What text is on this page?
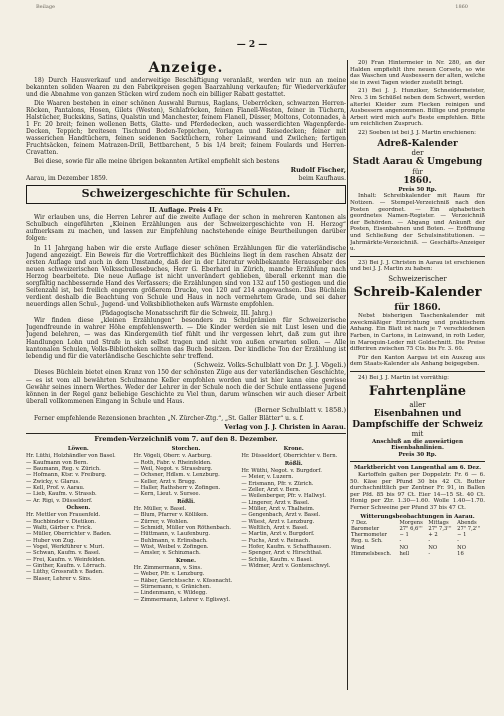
Beilage	1860
— 2 —
Anzeige.

18) Durch Hausverkauf und anderweitige Beschäftigung veranlaßt, werden wir nun an meine bekannten soliden Waaren zu den Fabrikpreisen gegen Baarzahlung verkaufen; für Wiederverkäufer und die Abnahme von ganzen Stücken wird zudem noch ein billiger Rabatt gestattet.

Die Waaren bestehen in einer schönen Auswahl Burnus, Raglans, Ueberröcken, schwarzen Herren-Röcken, Pantalons, Hosen, Gilets (Westen), Schlafröcken, feinen Flanell-Westen, feiner in Tüchern, Halstücher, Buckskins, Satins, Qualstin und Manchester, feinem Flanell, Düsser, Moltons, Cotonnades, à 1 Fr. 20 breit; feinen wollenen Betts, Glatte- und Pferdedecken, auch wasserdichten Wagenpferde-Decken, Teppich; breitesen Tischund Boden-Teppichen, Vorlagen und Reisedecken; feiner mit wasserichen Handtüchern, feinen seidenen Sacktüchern, roher Leinwand und Zwilchen; fertigen Fruchtsäcken, feinem Matrazen-Drill, Bettbarchent, 5 bis 1/4 breit; feinem Foulards und Herren-Cravatten.

Bei diese, sowie für alle meine übrigen bekannten Artikel empfiehlt sich bestens

Rudolf Fischer,
Aarau, im Dezember 1859.	beim Kaufhaus.
Schweizergeschichte für Schulen.
II. Auflage. Preis 4 Fr.

Wir erlauben uns, die Herren Lehrer auf die zweite Auflage der schon in mehreren Kantonen als Schulbuch eingeführten „Kleinen Erzählungen aus der Schweizergeschichte von H. Herzog“ aufmerksam zu machen, und lassen zur Empfehlung nachstehende einige Beurtheilungen darüber folgen:

In 11 Jahrgang haben wir die erste Auflage dieser schönen Erzählungen für die vaterländische Jugend angezeigt. Ein Beweis für die Vortrefflichkeit des Büchleins liegt in dem raschen Absatz der ersten Auflage und auch in dem Umstande, daß der in der Literatur wohlbekannte Herausgeber des neuen schweizerischen Volksschullesebuches, Herr G. Eberhard in Zürich, manche Erzählung nach Herzog bearbeitete. Die neue Auflage ist nicht unverändert geblieben, überall erkennt man die sorgfältig nachbessernde Hand des Verfassers; die Erzählungen sind von 132 auf 150 gestiegen und die Seitenzahl ist, bei freilich engerem größerem Drucke, von 120 auf 214 angewachsen. Das Büchlein verdient deshalb die Beachtung von Schule und Haus in noch vermehrtem Grade, und sei daher neuerdings allen Schul-, Jugend- und Volksbibliotheken aufs Wärmste empfohlen.

(Pädagogische Monatsschrift für die Schweiz, III. Jahrg.)

Wir finden diese „kleinen Erzählungen“ besonders zu Schulprämien für Schweizerische Jugendfreunde in wahrer Höhe empfehlenswerth. — Die Kinder werden sie mit Lust lesen und die Jugend belehren, — was das Kindergemüth tief fühlt und ihr vergessen lehrt, daß zum gut ihre Handlungen Lohn und Strafe in sich selbst tragen und nicht von außen erwarten sollen. — Alle kantonalen Schulen, Volks-Bibliotheken sollten das Buch besitzen. Der kindliche Ton der Erzählung ist lebendig und für die vaterländische Geschichte sehr treffend.

(Schweiz. Volks-Schulblatt von Dr. J. J. Vögeli.)

Dieses Büchlein bietet einen Kranz von 150 der schönsten Züge aus der vaterländischen Geschichte, — es ist vom all bewährten Schulmanne Keller empfohlen worden und ist hier kann eine gewisse Gewähr seines innern Werthes. Weder der Lehrer in der Schule noch die der Schule entlassene Jugend können in der Regel ganz beliebige Geschichte zu Viel thun, darum wünschen wir auch dieser Arbeit überall vollkommenen Eingang in Schule und Haus.

(Berner Schulblatt v. 1858.)

Ferner empfehlende Rezensionen brachten „N. Zürcher-Ztg.“, „St. Galler Blätter“ u. s. f.

Verlag von J. J. Christen in Aarau.
Fremden-Verzeichniß vom 7. auf den 8. Dezember.
Löwen.
Hr. Lüthi, Holzhändler von Basel.
— Kaufmann von Bern.
— Baumann, Reg. v. Zürich.
— Hofmann, Ktsr. v. Freiburg.
— Zwicky, v. Glarus.
— Kell, Prof. v. Aarau.
— Lieb, Kaufm. v. Strassb.
— Ar. Rigi, v. Düsseldorf.
Ochsen.
Hr. Mettler von Frauenfeld.
— Buchbinder v. Dietikon.
— Walti, Gärber v. Frick.
— Müller, Oberrichter v. Baden.
— Huber von Zug.
— Vogel, Werkführer v. Muri.
— Schwan, Kaufm. v. Basel.
— Frei, Kaufm. v. Weinfelden.
— Ginther, Kaufm. v. Lörrach.
— Lüthy, Grossrath v. Baden.
— Blaser, Lehrer v. Sins.
Storchen.
Hr. Vögeli, Oberr. v. Aarburg.
— Roth, Fabr. v. Rheinfelden.
— Weil, Negot. v. Strassburg.
— Ochsner, Hdlsm. v. Lenzburg.
— Keller, Arzt v. Brugg.
— Haller, Rathsherr v. Zofingen.
— Kern, Lieut. v. Sursee.
Rößli.
Hr. Müller, v. Basel.
— Blum, Pfarrer v. Kölliken.
— Zürrer, v. Wohlen.
— Schmidt, Müller von Röthenbach.
— Hüttmann, v. Laufenburg.
— Buhlmann, v. Erlinsbach.
— Wüst, Weibel v. Zofingen.
— Amsler, v. Schinznach.
Krone.
Hr. Zimmermann, v. Sins.
— Weber, Pfr. v. Lenzburg.
— Räber, Gerichtsschr. v. Küssnacht.
— Stirnemann, v. Gränichen.
— Lindenmann, v. Wildegg.
— Zimmermann, Lehrer v. Egliswyl.
Krone.
Hr. Düsseldorf, Oberrichter v. Bern.
Rößli.
Hr. Wüthi, Negot. v. Burgdorf.
— Meier, v. Luzern.
— Erismann, Pfr. v. Zürich.
— Zeller, Arzt v. Bern.
— Weilenberger, Pfr. v. Hallwyl.
— Lingerer, Arzt v. Basel.
— Müller, Arzt v. Thalheim.
— Gengenbach, Arzt v. Basel.
— Wüest, Arzt v. Lenzburg.
— Weltlich, Arzt v. Basel.
— Martin, Arzt v. Burgdorf.
— Fuchs, Arzt v. Reinach.
— Hofer, Kaufm. v. Schaffhausen.
— Spenger, Arzt v. Hirschthal.
— Schüle, Kaufm. v. Basel.
— Widmer, Arzt v. Gontenschwyl.

20) Fran Hintermeier in Nr. 280, an der Halden empfiehlt ihre neuen Corsets, so wie das Waschen und Ausbessern der alten, welche sie in zwei Tagen wieder zustellt bringt.

21) Bei J. J. Hunziker, Schneidermeister, Nro. 3 im Schüßel neben dem Schwert, werden alterlei Kleider zum Flecken reinigen und Ausbessern angenommen. Billige und prompte Arbeit wird mich auf's Beste empfehlen. Bitte um reichlichen Zuspruch.

22) Soeben ist bei J. J. Martin erschienen:

Adreß-Kalender
der
Stadt Aarau & Umgebung
für
1860.
Preis 50 Rp.

Inhalt: Schreibkalender mit Raum für Notizen. — Stempel-Verzeichniß nach den Posten geordnet. — Ein alphabetisch geordnetes Namen-Register. — Verzeichniß der Behörden. — Abgang und Ankunft der Posten, Eisenbahnen und Boten. — Eröffnung und Schließung der Schulsinstitutionen. — Jahrmärkte-Verzeichniß. — Geschäfts-Anzeiger u.

23) Bei J. J. Christen in Aarau ist erschienen und bei J. J. Martin zu haben:

Schweizerischer
Schreib-Kalender
für 1860.

Nebst bisherigen Taschenkalender mit zweckmäßiger Einrichtung und praktischem Anhang. Ein Blatt ist nach je 7 verschiedenen Farben, in Cartons, in Leinwand, in roth Leder, in Maroquin-Leder mit Goldschnitt. Die Preise differiren zwischen 75 Cts. bis Fr. 3. 60.

Für den Kanton Aargau ist ein Auszug aus dem Staats-Kalender als Anhang beigegeben.

24) Bei J. J. Martin ist vorräthig:

Fahrtenpläne
aller
Eisenbahnen und Dampfschiffe der Schweiz
mit
Anschluß an die auswärtigen Eisenbahnlinien.
Preis 30 Rp.
Marktbericht von Langenthal am 6. Dez.

Kartoffeln galten per Doppelztr. Fr. 6 — 6. 50. Käse per Pfund 30 bis 42 Ct. Butter durchschnittlich per Zentner Fr. 91, in Ballen per Pfd. 85 bis 97 Ct. Eier 14—15 St. 40 Ct. Honig per Ztr. 1.30—1.60. Wolle 1.40—1.70. Ferner Schweine per Pfund 37 bis 47 Ct.

Witterungsbeobachtungen in Aarau.
7 Dez.	Morgens	Mittags	Abends
Barometer	27" 6,6'''	27" 7,3'''	27" 7,2'''
Thermometer	− 1	+ 2	− 1
Reg. u. Sch.	-	-	-
Wind	NO	NO	NO
Himmelsbesch.	hell	-	16
